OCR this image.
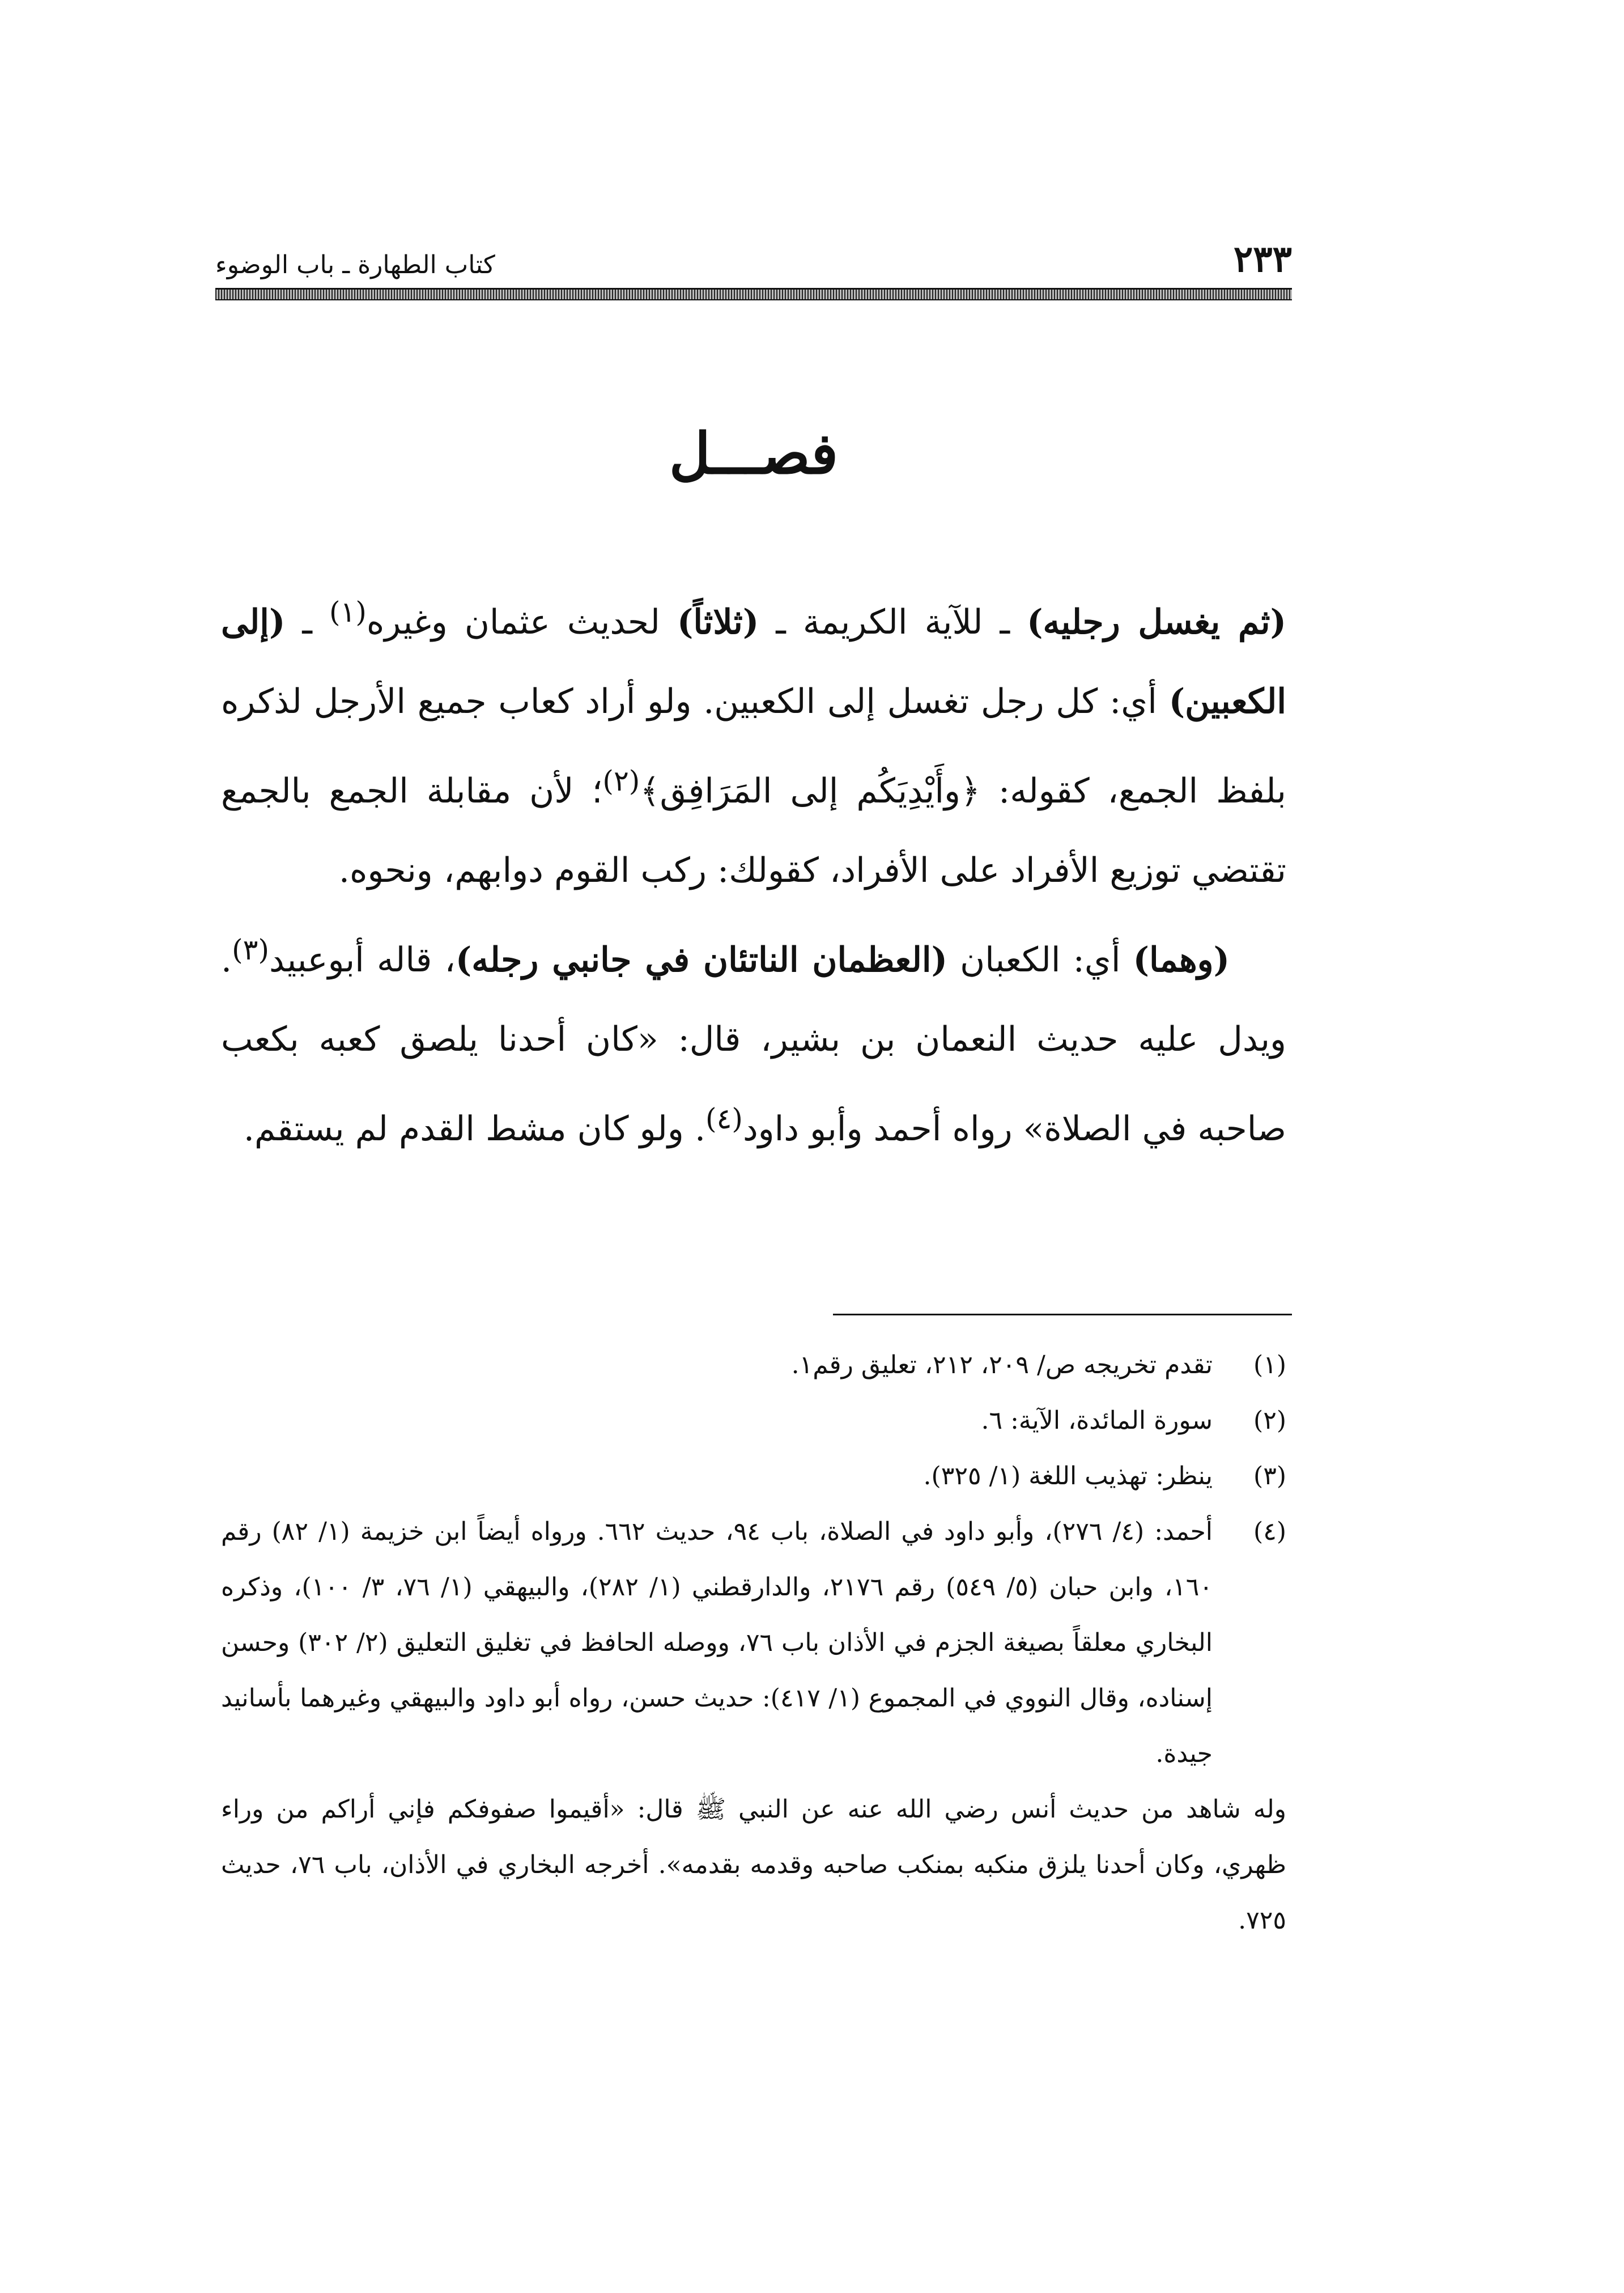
٢٣٣
كتاب الطهارة ـ باب الوضوء
فصـــل

(ثم يغسل رجليه) ـ للآية الكريمة ـ (ثلاثاً) لحديث عثمان وغيره$^{(١)}$ ـ (إلى الكعبين) أي: كل رجل تغسل إلى الكعبين. ولو أراد كعاب جميع الأرجل لذكره بلفظ الجمع، كقوله: ﴿وأَيْدِيَكُم إلى المَرَافِق﴾$^{(٢)}$؛ لأن مقابلة الجمع بالجمع تقتضي توزيع الأفراد على الأفراد، كقولك: ركب القوم دوابهم، ونحوه.

(وهما) أي: الكعبان (العظمان الناتئان في جانبي رجله)، قاله أبوعبيد$^{(٣)}$. ويدل عليه حديث النعمان بن بشير، قال: «كان أحدنا يلصق كعبه بكعب صاحبه في الصلاة» رواه أحمد وأبو داود$^{(٤)}$. ولو كان مشط القدم لم يستقم.

(١)
تقدم تخريجه ص/ ٢٠٩، ٢١٢، تعليق رقم١.
(٢)
سورة المائدة، الآية: ٦.
(٣)
ينظر: تهذيب اللغة (١/ ٣٢٥).
(٤)
أحمد: (٤/ ٢٧٦)، وأبو داود في الصلاة، باب ٩٤، حديث ٦٦٢. ورواه أيضاً ابن خزيمة (١/ ٨٢) رقم ١٦٠، وابن حبان (٥/ ٥٤٩) رقم ٢١٧٦، والدارقطني (١/ ٢٨٢)، والبيهقي (١/ ٧٦، ٣/ ١٠٠)، وذكره البخاري معلقاً بصيغة الجزم في الأذان باب ٧٦، ووصله الحافظ في تغليق التعليق (٢/ ٣٠٢) وحسن إسناده، وقال النووي في المجموع (١/ ٤١٧): حديث حسن، رواه أبو داود والبيهقي وغيرهما بأسانيد جيدة.

وله شاهد من حديث أنس رضي الله عنه عن النبي ﷺ قال: «أقيموا صفوفكم فإني أراكم من وراء ظهري، وكان أحدنا يلزق منكبه بمنكب صاحبه وقدمه بقدمه». أخرجه البخاري في الأذان، باب ٧٦، حديث ٧٢٥.
